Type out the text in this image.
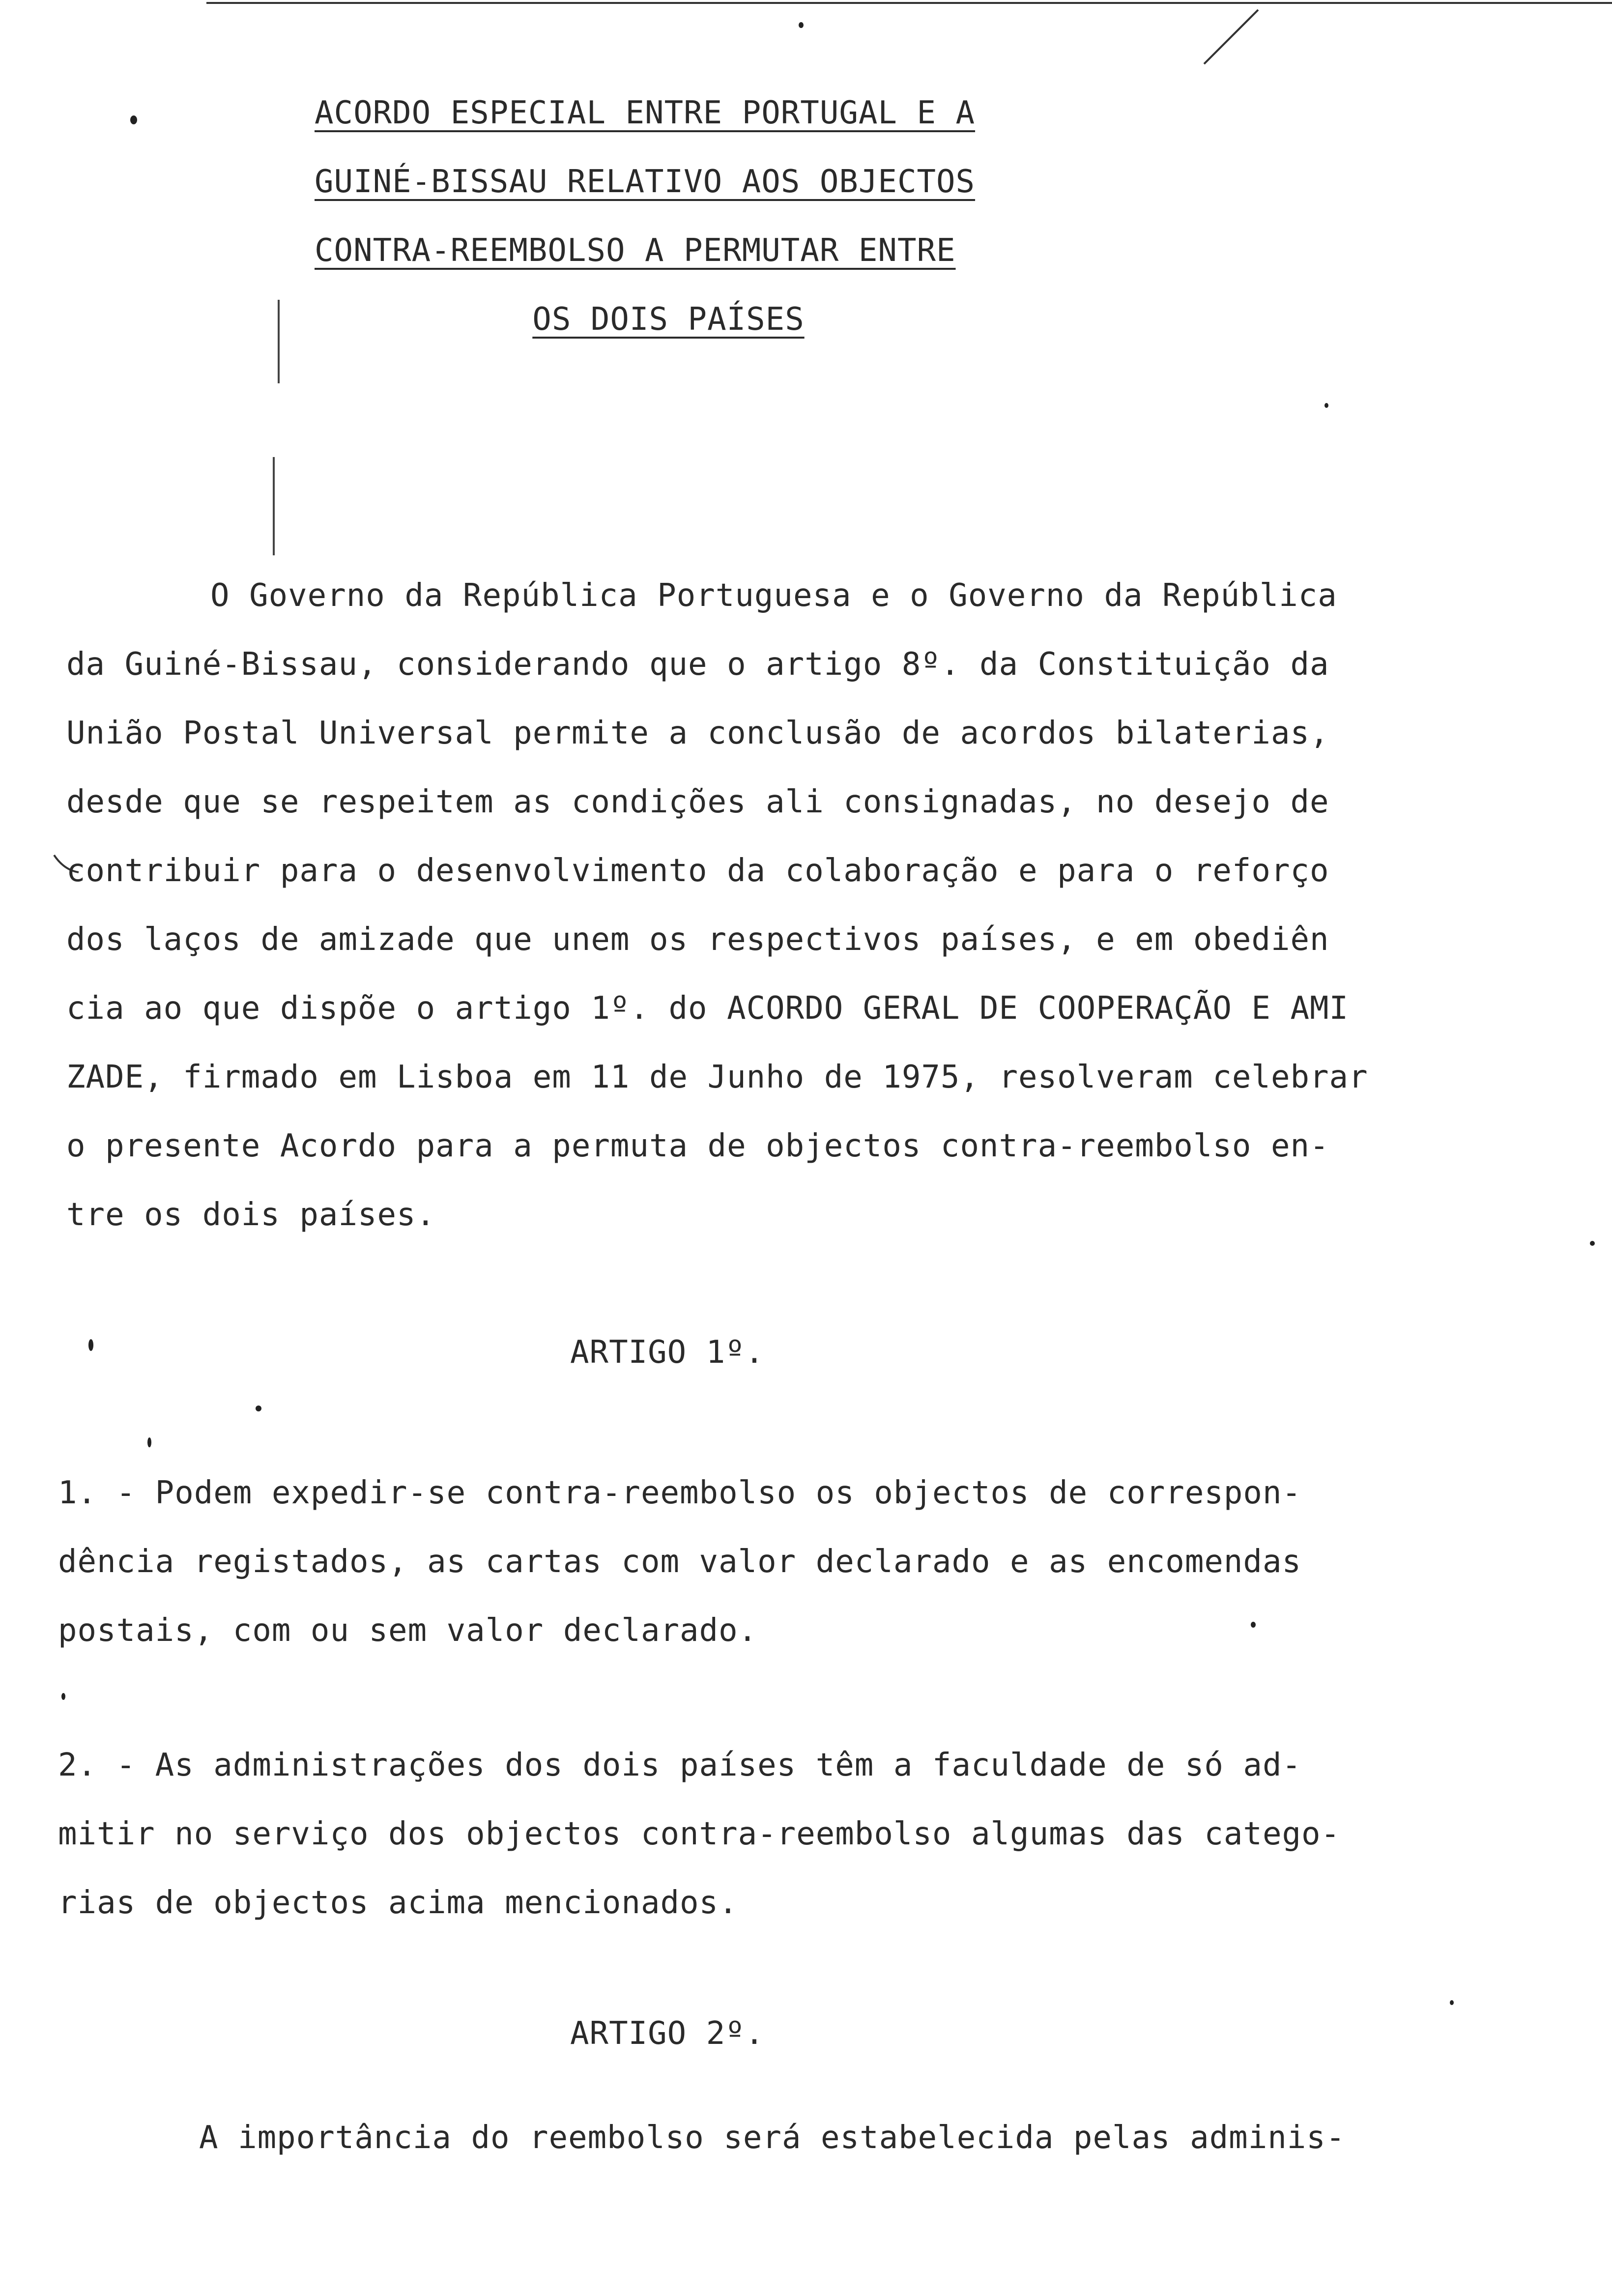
ACORDO ESPECIAL ENTRE PORTUGAL E A
GUINÉ-BISSAU RELATIVO AOS OBJECTOS
CONTRA-REEMBOLSO A PERMUTAR ENTRE
OS DOIS PAÍSES
O Governo da República Portuguesa e o Governo da República
da Guiné-Bissau, considerando que o artigo 8º. da Constituição da
União Postal Universal permite a conclusão de acordos bilaterias,
desde que se respeitem as condições ali consignadas, no desejo de
contribuir para o desenvolvimento da colaboração e para o reforço
dos laços de amizade que unem os respectivos países, e em obediên
cia ao que dispõe o artigo 1º. do ACORDO GERAL DE COOPERAÇÃO E AMI
ZADE, firmado em Lisboa em 11 de Junho de 1975, resolveram celebrar
o presente Acordo para a permuta de objectos contra-reembolso en-
tre os dois países.
ARTIGO 1º.
1. - Podem expedir-se contra-reembolso os objectos de correspon-
dência registados, as cartas com valor declarado e as encomendas
postais, com ou sem valor declarado.
2. - As administrações dos dois países têm a faculdade de só ad-
mitir no serviço dos objectos contra-reembolso algumas das catego-
rias de objectos acima mencionados.
ARTIGO 2º.
A importância do reembolso será estabelecida pelas adminis-
